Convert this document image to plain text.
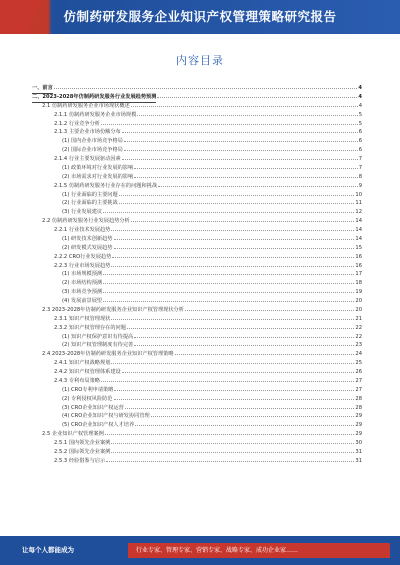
仿制药研发服务企业知识产权管理策略研究报告
内容目录
一、前言	4
二、2023-2028年仿制药研发服务行业发展趋势预测	4
2.1 仿制药研发服务企业市场现状概述	4
2.1.1 仿制药研发服务企业市场规模	5
2.1.2 行业竞争分析	5
2.1.3 主要企业市场份额分布	6
(1) 国内企业市场竞争格局	6
(2) 国际企业市场竞争格局	6
2.1.4 行业主要发展驱动因素	7
(1) 政策环境对行业发展的影响	7
(2) 市场需求对行业发展的影响	8
2.1.5 仿制药研发服务行业存在的问题和挑战	9
(1) 行业面临的主要问题	10
(2) 行业面临的主要挑战	11
(3) 行业发展建议	12
2.2 仿制药研发服务行业发展趋势分析	14
2.2.1 行业技术发展趋势	14
(1) 研发技术创新趋势	14
(2) 研发模式发展趋势	15
2.2.2 CRO行业发展趋势	16
2.2.3 行业市场发展趋势	16
(1) 市场规模预测	17
(2) 市场结构预测	18
(3) 市场竞争预测	19
(4) 发展前景展望	20
2.3 2023-2028年仿制药研发服务企业知识产权管理现状分析	20
2.3.1 知识产权管理现状	21
2.3.2 知识产权管理存在的问题	22
(1) 知识产权保护意识有待提高	22
(2) 知识产权管理制度有待完善	23
2.4 2023-2028年仿制药研发服务企业知识产权管理策略	24
2.4.1 知识产权战略规划	25
2.4.2 知识产权管理体系建设	26
2.4.3 专利布局策略	27
(1) CRO专利申请策略	27
(2) 专利侵权风险防范	28
(3) CRO企业知识产权运营	28
(4) CRO企业知识产权与研发协同管理	29
(5) CRO企业知识产权人才培养	29
2.5 企业知识产权管理案例	29
2.5.1 国内领先企业案例	30
2.5.2 国际领先企业案例	31
2.5.3 经验借鉴与启示	31
让每个人都能成为	行业专家、管理专家、营销专家、战略专家、成功企业家……
